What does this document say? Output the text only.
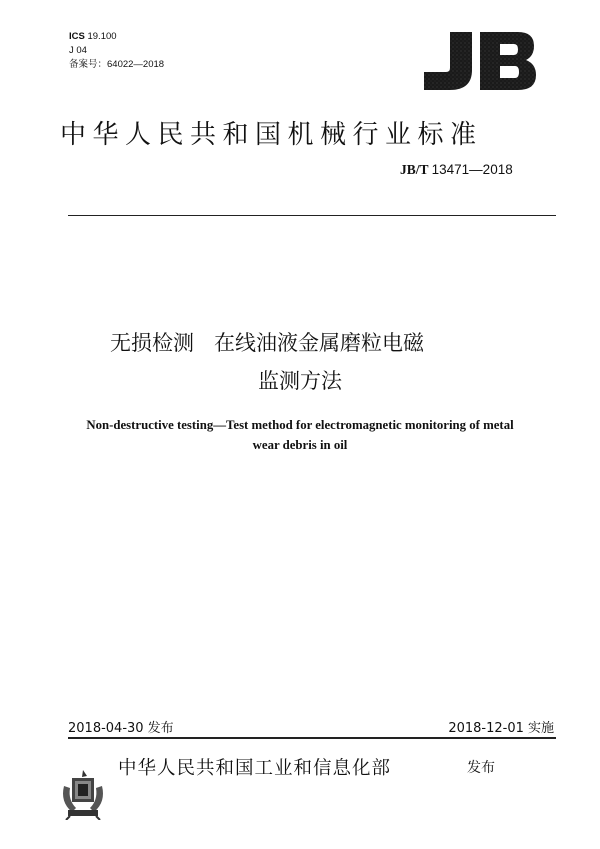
ICS 19.100
J 04
备案号：64022—2018
中华人民共和国机械行业标准
JB/T 13471—2018
无损检测   在线油液金属磨粒电磁
监测方法
Non-destructive testing—Test method for electromagnetic monitoring of metal
wear debris in oil
2018-04-30 发布	2018-12-01 实施
中华人民共和国工业和信息化部	发布
